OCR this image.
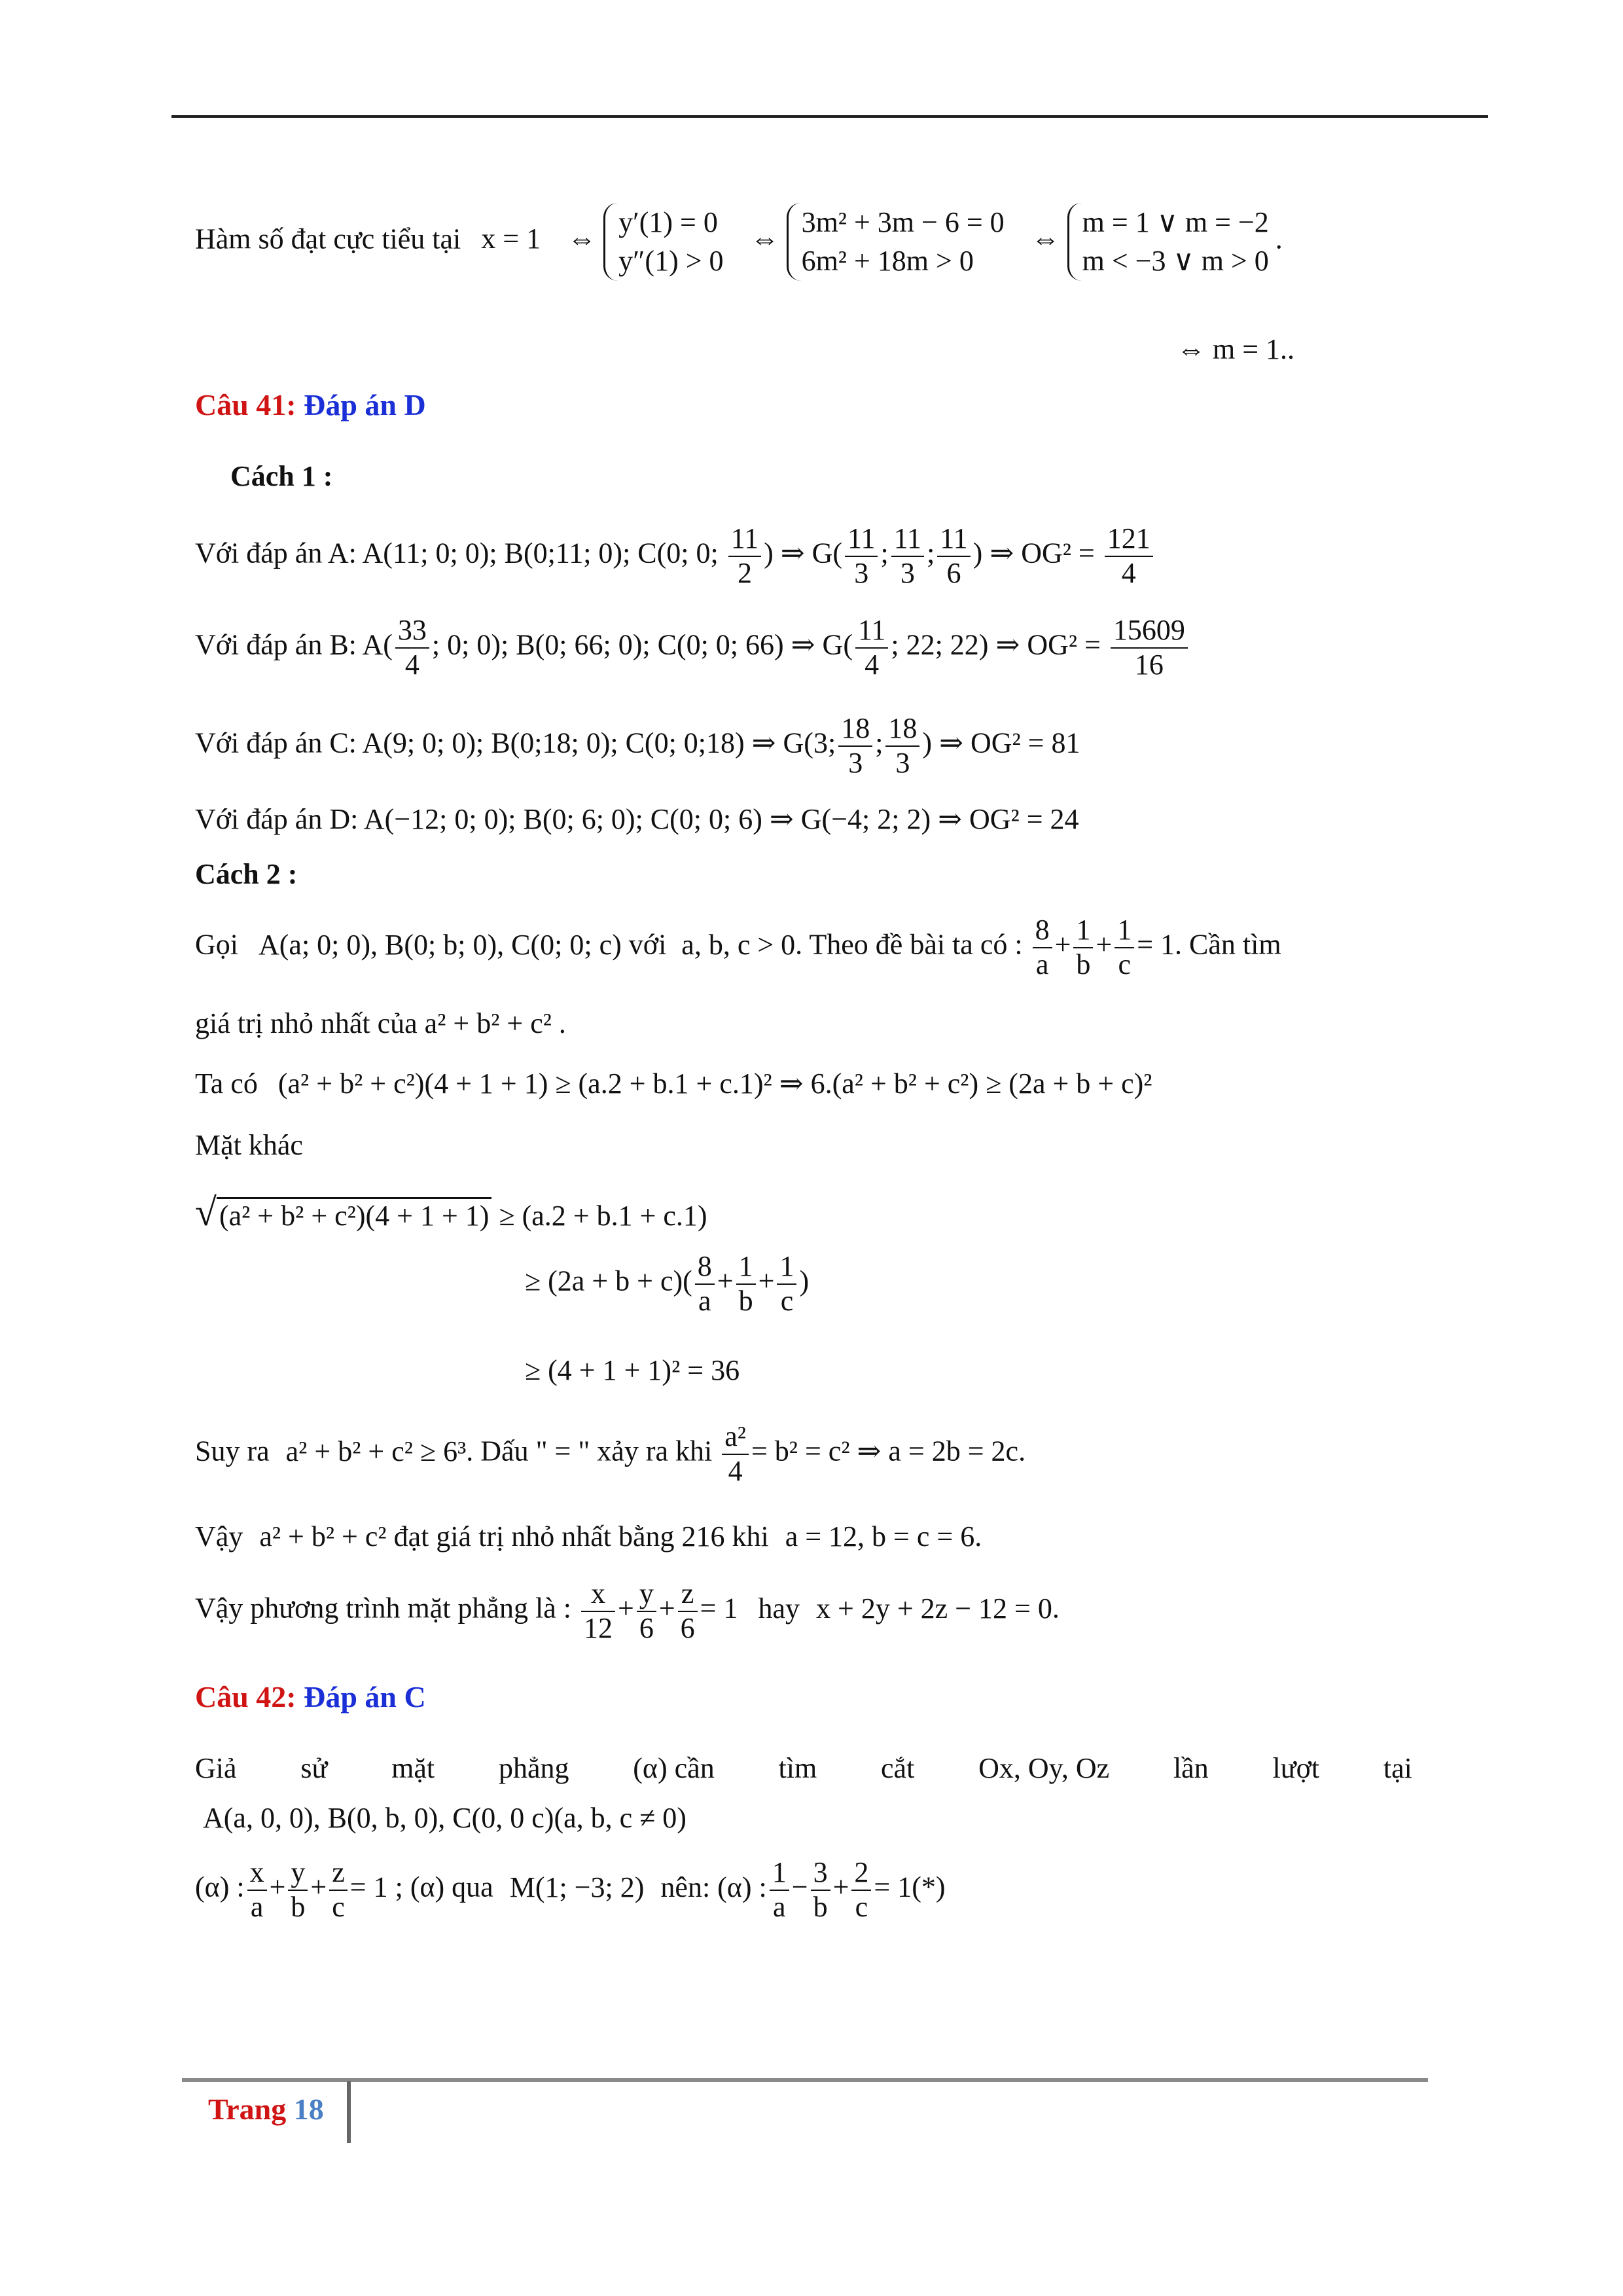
Hàm số đạt cực tiểu tại x = 1 ⇔ y′(1) = 0
y″(1) > 0 ⇔ 3m² + 3m − 6 = 0
6m² + 18m > 0 ⇔ m = 1 ∨ m = −2
m < −3 ∨ m > 0.
⇔ m = 1..
Câu 41: Đáp án D
Cách 1 :
Với đáp án A: A(11; 0; 0); B(0;11; 0); C(0; 0; $\frac{11}{2}$ ) ⇒ $G( \frac{11}{3}$ ; $\frac{11}{3}$ ; $\frac{11}{6}$ ) ⇒ $OG^2 = \frac{121}{4}$
Với đáp án B: $A( \frac{33}{4}$ ; 0; 0); B(0; 66; 0); C(0; 0; 66) ⇒ $G( \frac{11}{4}$ ; 22; 22) ⇒ $OG^2 = \frac{15609}{16}$
Với đáp án C: A(9; 0; 0); B(0;18; 0); C(0; 0;18) ⇒ G(3; $\frac{18}{3}$ ; $\frac{18}{3}$ ) ⇒ OG² = 81
Với đáp án D: A(−12; 0; 0); B(0; 6; 0); C(0; 0; 6) ⇒ G(−4; 2; 2) ⇒ OG² = 24
Cách 2 :
Gọi A(a; 0; 0), B(0; b; 0), C(0; 0; c) với a, b, c > 0. Theo đề bài ta có : $\frac{8}{a} + \frac{1}{b} + \frac{1}{c} = 1$. Cần tìm
giá trị nhỏ nhất của a² + b² + c² .
Ta có (a² + b² + c²)(4 + 1 + 1) ≥ (a.2 + b.1 + c.1)² ⇒ 6.(a² + b² + c²) ≥ (2a + b + c)²
Mặt khác
√(a² + b² + c²)(4 + 1 + 1) ≥ (a.2 + b.1 + c.1)
≥ $(2a + b + c)( \frac{8}{a} + \frac{1}{b} + \frac{1}{c}$ )
≥ (4 + 1 + 1)² = 36
Suy ra a² + b² + c² ≥ 6³. Dấu " = " xảy ra khi $\frac{\text{a²}}{4} = b^2 = c^2$ ⇒ a = 2b = 2c.
Vậy a² + b² + c² đạt giá trị nhỏ nhất bằng 216 khi a = 12, b = c = 6.
Vậy phương trình mặt phẳng là : $\frac{x}{12} + \frac{y}{6} + \frac{z}{6} = 1$ hay x + 2y + 2z − 12 = 0.
Câu 42: Đáp án C
Giả sử mặt phẳng (α) cần tìm cắt Ox, Oy, Oz lần lượt tại
A(a, 0, 0), B(0, b, 0), C(0, 0 c)(a, b, c ≠ 0)
(α) : $\frac{x}{a} + \frac{y}{b} + \frac{z}{c} = 1$ ; (α) qua M(1; −3; 2) nên: (α) : $\frac{1}{a} - \frac{3}{b} + \frac{2}{c} = 1(*)$
Trang 18
